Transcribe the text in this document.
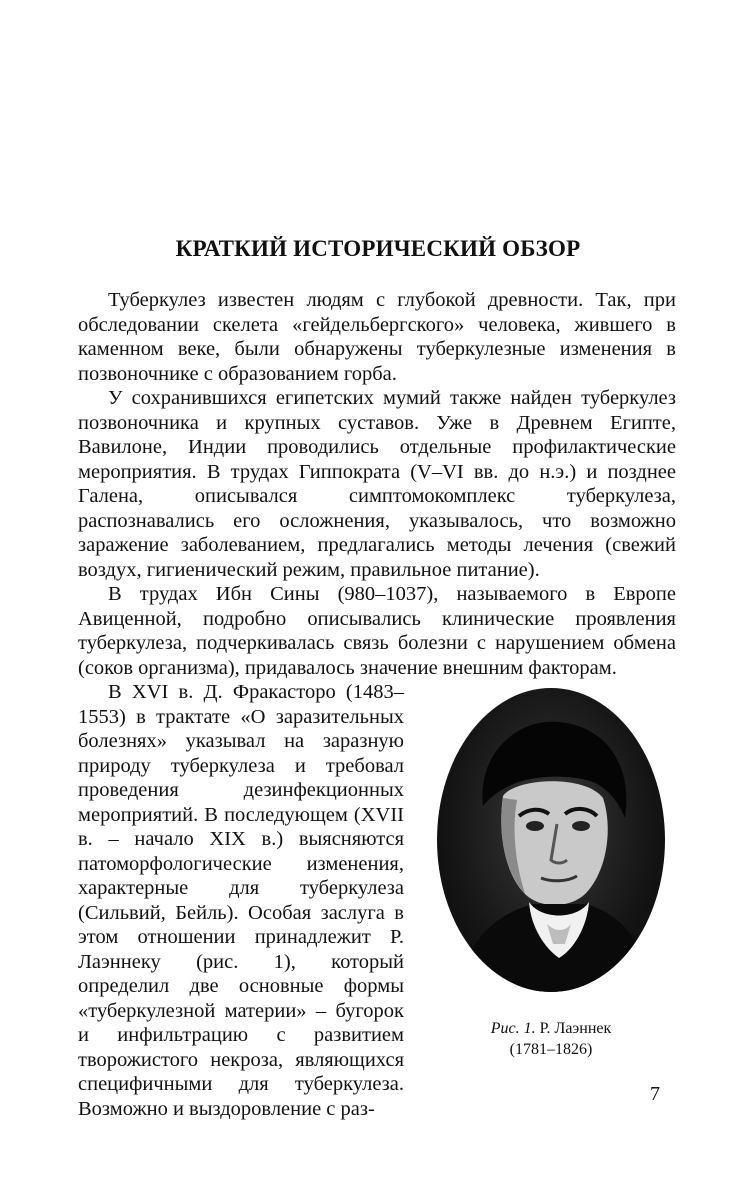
КРАТКИЙ ИСТОРИЧЕСКИЙ ОБЗОР

Туберкулез известен людям с глубокой древности. Так, при обследовании скелета «гейдельбергского» человека, жившего в каменном веке, были обнаружены туберкулезные изменения в позвоночнике с образованием горба.

У сохранившихся египетских мумий также найден туберкулез позвоночника и крупных суставов. Уже в Древнем Египте, Вавилоне, Индии проводились отдельные профилактические мероприятия. В трудах Гиппократа (V–VI вв. до н.э.) и позднее Галена, описывался симптомокомплекс туберкулеза, распознавались его осложнения, указывалось, что возможно заражение заболеванием, предлагались методы лечения (свежий воздух, гигиенический режим, правильное питание).

В трудах Ибн Сины (980–1037), называемого в Европе Авиценной, подробно описывались клинические проявления туберкулеза, подчеркивалась связь болезни с нарушением обмена (соков организма), придавалось значение внешним факторам.

В XVI в. Д. Фракасторо (1483–1553) в трактате «О заразительных болезнях» указывал на заразную природу туберкулеза и требовал проведения дезинфекционных мероприятий. В последующем (XVII в. – начало XIX в.) выясняются патоморфологические изменения, характерные для туберкулеза (Сильвий, Бейль). Особая заслуга в этом отношении принадлежит Р. Лаэннеку (рис. 1), который определил две основные формы «туберкулезной материи» – бугорок и инфильтрацию с развитием творожистого некроза, являющихся специфичными для туберкулеза. Возможно и выздоровление с раз-

Рис. 1. Р. Лаэннек
(1781–1826)
7
